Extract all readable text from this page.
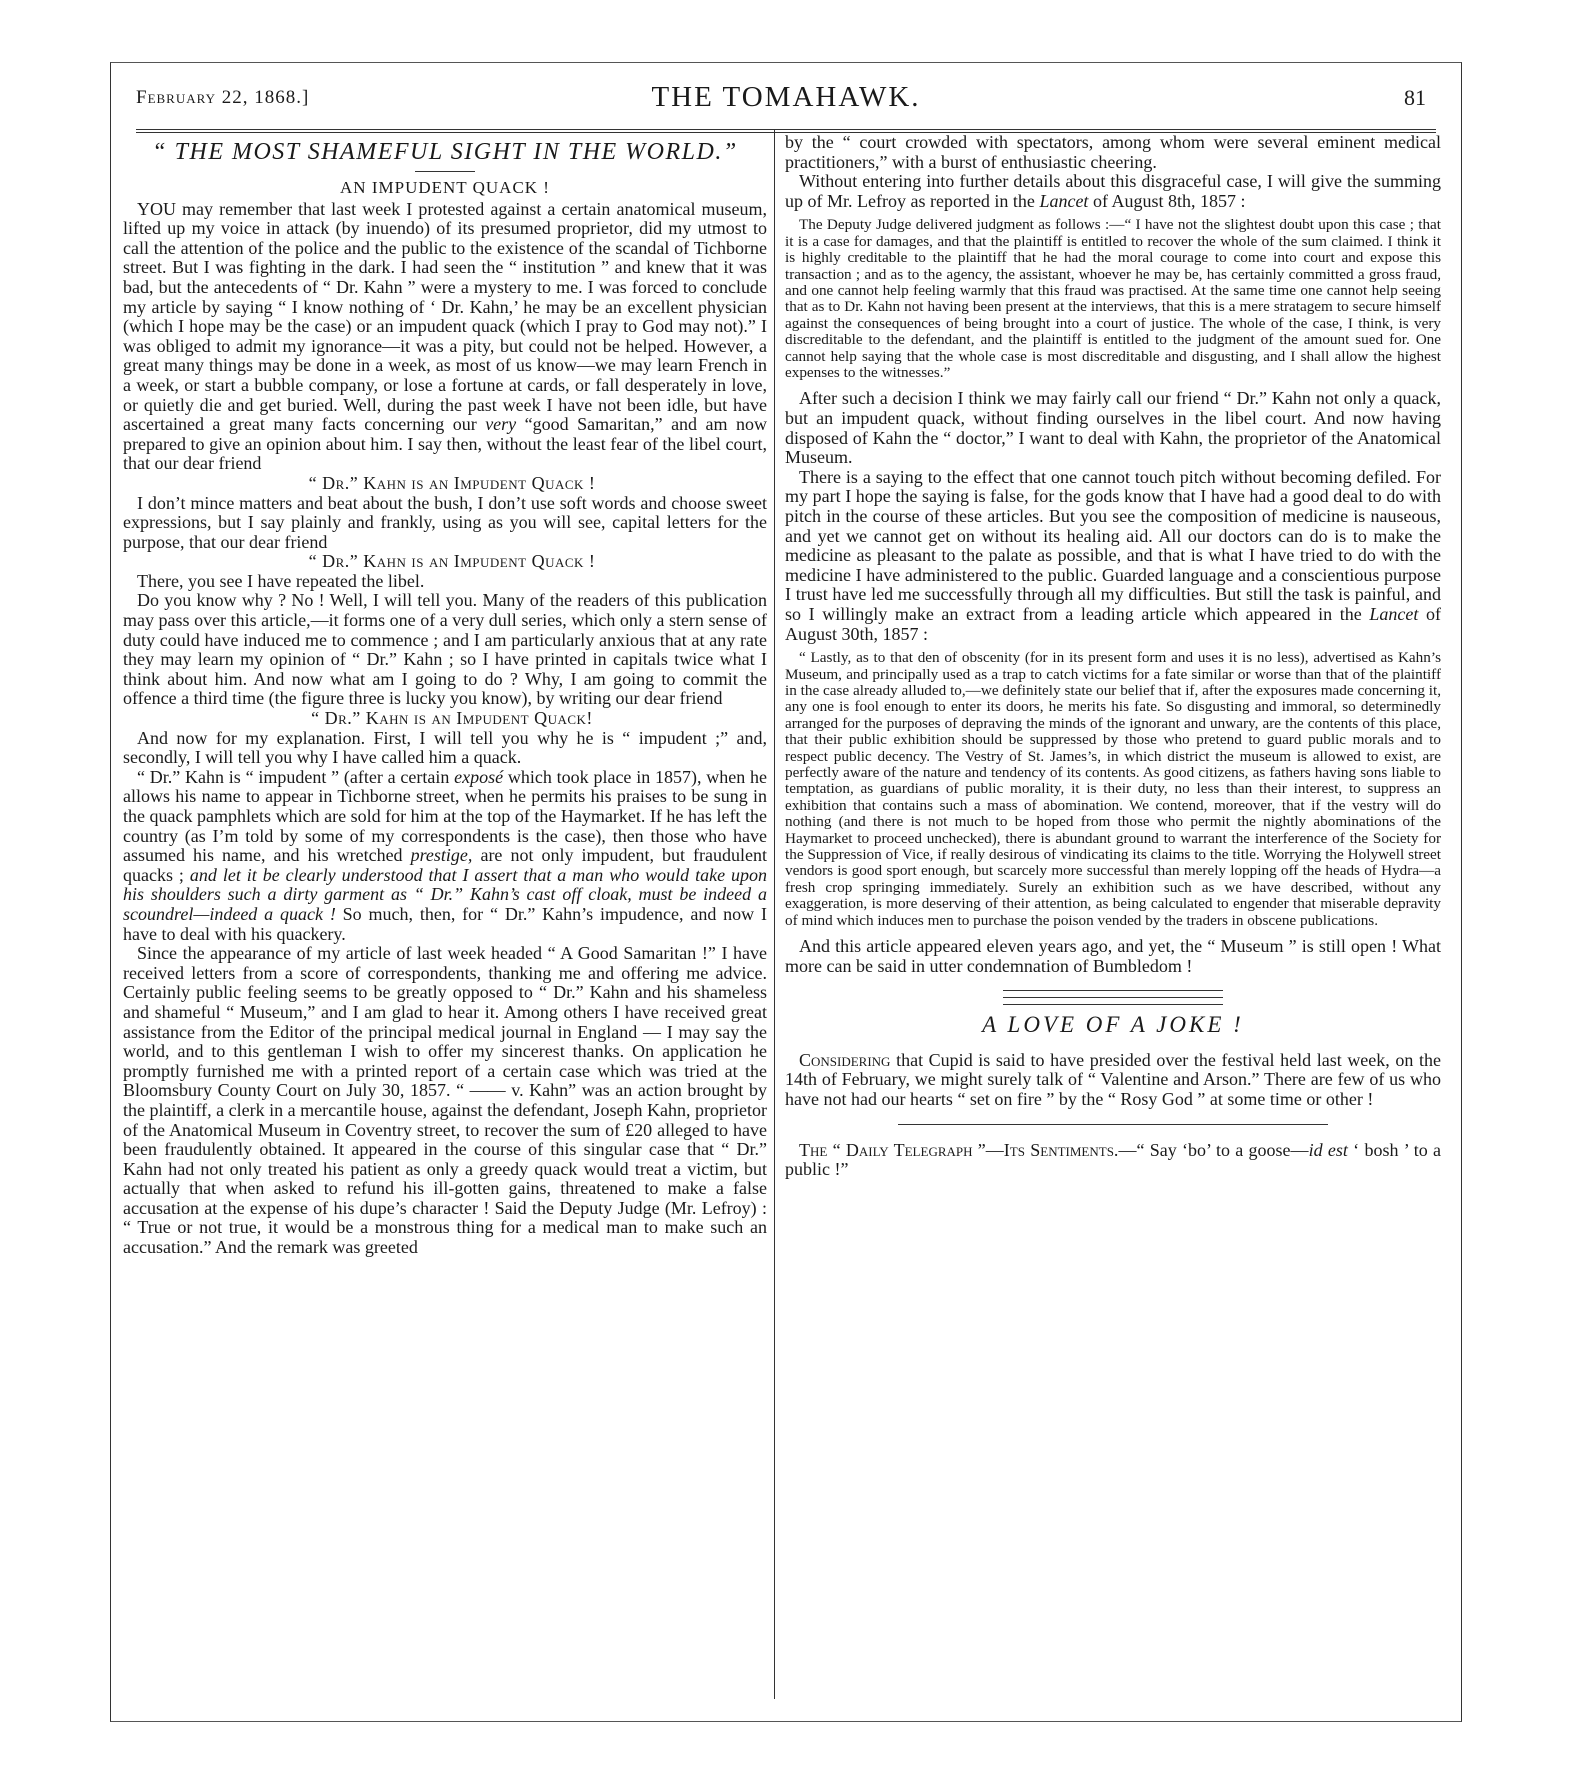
February 22, 1868.]	THE TOMAHAWK.	81
“ THE MOST SHAMEFUL SIGHT IN THE WORLD.”
AN IMPUDENT QUACK !

YOU may remember that last week I protested against a certain anatomical museum, lifted up my voice in attack (by inuendo) of its presumed proprietor, did my utmost to call the attention of the police and the public to the existence of the scandal of Tichborne street. But I was fighting in the dark. I had seen the “ institution ” and knew that it was bad, but the antecedents of “ Dr. Kahn ” were a mystery to me. I was forced to conclude my article by saying “ I know nothing of ‘ Dr. Kahn,’ he may be an excellent physician (which I hope may be the case) or an impudent quack (which I pray to God may not).” I was obliged to admit my ignorance—it was a pity, but could not be helped. However, a great many things may be done in a week, as most of us know—we may learn French in a week, or start a bubble company, or lose a fortune at cards, or fall desperately in love, or quietly die and get buried. Well, during the past week I have not been idle, but have ascertained a great many facts concerning our very “good Samaritan,” and am now prepared to give an opinion about him. I say then, without the least fear of the libel court, that our dear friend

“ Dr.” Kahn is an Impudent Quack !

I don’t mince matters and beat about the bush, I don’t use soft words and choose sweet expressions, but I say plainly and frankly, using as you will see, capital letters for the purpose, that our dear friend

“ Dr.” Kahn is an Impudent Quack !

There, you see I have repeated the libel.

Do you know why ? No ! Well, I will tell you. Many of the readers of this publication may pass over this article,—it forms one of a very dull series, which only a stern sense of duty could have induced me to commence ; and I am particularly anxious that at any rate they may learn my opinion of “ Dr.” Kahn ; so I have printed in capitals twice what I think about him. And now what am I going to do ? Why, I am going to commit the offence a third time (the figure three is lucky you know), by writing our dear friend

“ Dr.” Kahn is an Impudent Quack!

And now for my explanation. First, I will tell you why he is “ impudent ;” and, secondly, I will tell you why I have called him a quack.

“ Dr.” Kahn is “ impudent ” (after a certain exposé which took place in 1857), when he allows his name to appear in Tichborne street, when he permits his praises to be sung in the quack pamphlets which are sold for him at the top of the Haymarket. If he has left the country (as I’m told by some of my correspondents is the case), then those who have assumed his name, and his wretched prestige, are not only impudent, but fraudulent quacks ; and let it be clearly understood that I assert that a man who would take upon his shoulders such a dirty garment as “ Dr.” Kahn’s cast off cloak, must be indeed a scoundrel—indeed a quack ! So much, then, for “ Dr.” Kahn’s impudence, and now I have to deal with his quackery.

Since the appearance of my article of last week headed “ A Good Samaritan !” I have received letters from a score of correspondents, thanking me and offering me advice. Certainly public feeling seems to be greatly opposed to “ Dr.” Kahn and his shameless and shameful “ Museum,” and I am glad to hear it. Among others I have received great assistance from the Editor of the principal medical journal in England — I may say the world, and to this gentleman I wish to offer my sincerest thanks. On application he promptly furnished me with a printed report of a certain case which was tried at the Bloomsbury County Court on July 30, 1857. “ —— v. Kahn” was an action brought by the plaintiff, a clerk in a mercantile house, against the defendant, Joseph Kahn, proprietor of the Anatomical Museum in Coventry street, to recover the sum of £20 alleged to have been fraudulently obtained. It appeared in the course of this singular case that “ Dr.” Kahn had not only treated his patient as only a greedy quack would treat a victim, but actually that when asked to refund his ill-gotten gains, threatened to make a false accusation at the expense of his dupe’s character ! Said the Deputy Judge (Mr. Lefroy) : “ True or not true, it would be a monstrous thing for a medical man to make such an accusation.” And the remark was greeted

by the “ court crowded with spectators, among whom were several eminent medical practitioners,” with a burst of enthusiastic cheering.

Without entering into further details about this disgraceful case, I will give the summing up of Mr. Lefroy as reported in the Lancet of August 8th, 1857 :

The Deputy Judge delivered judgment as follows :—“ I have not the slightest doubt upon this case ; that it is a case for damages, and that the plaintiff is entitled to recover the whole of the sum claimed. I think it is highly creditable to the plaintiff that he had the moral courage to come into court and expose this transaction ; and as to the agency, the assistant, whoever he may be, has certainly committed a gross fraud, and one cannot help feeling warmly that this fraud was practised. At the same time one cannot help seeing that as to Dr. Kahn not having been present at the interviews, that this is a mere stratagem to secure himself against the consequences of being brought into a court of justice. The whole of the case, I think, is very discreditable to the defendant, and the plaintiff is entitled to the judgment of the amount sued for. One cannot help saying that the whole case is most discreditable and disgusting, and I shall allow the highest expenses to the witnesses.”

After such a decision I think we may fairly call our friend “ Dr.” Kahn not only a quack, but an impudent quack, without finding ourselves in the libel court. And now having disposed of Kahn the “ doctor,” I want to deal with Kahn, the proprietor of the Anatomical Museum.

There is a saying to the effect that one cannot touch pitch without becoming defiled. For my part I hope the saying is false, for the gods know that I have had a good deal to do with pitch in the course of these articles. But you see the composition of medicine is nauseous, and yet we cannot get on without its healing aid. All our doctors can do is to make the medicine as pleasant to the palate as possible, and that is what I have tried to do with the medicine I have administered to the public. Guarded language and a conscientious purpose I trust have led me successfully through all my difficulties. But still the task is painful, and so I willingly make an extract from a leading article which appeared in the Lancet of August 30th, 1857 :

“ Lastly, as to that den of obscenity (for in its present form and uses it is no less), advertised as Kahn’s Museum, and principally used as a trap to catch victims for a fate similar or worse than that of the plaintiff in the case already alluded to,—we definitely state our belief that if, after the exposures made concerning it, any one is fool enough to enter its doors, he merits his fate. So disgusting and immoral, so determinedly arranged for the purposes of depraving the minds of the ignorant and unwary, are the contents of this place, that their public exhibition should be suppressed by those who pretend to guard public morals and to respect public decency. The Vestry of St. James’s, in which district the museum is allowed to exist, are perfectly aware of the nature and tendency of its contents. As good citizens, as fathers having sons liable to temptation, as guardians of public morality, it is their duty, no less than their interest, to suppress an exhibition that contains such a mass of abomination. We contend, moreover, that if the vestry will do nothing (and there is not much to be hoped from those who permit the nightly abominations of the Haymarket to proceed unchecked), there is abundant ground to warrant the interference of the Society for the Suppression of Vice, if really desirous of vindicating its claims to the title. Worrying the Holywell street vendors is good sport enough, but scarcely more successful than merely lopping off the heads of Hydra—a fresh crop springing immediately. Surely an exhibition such as we have described, without any exaggeration, is more deserving of their attention, as being calculated to engender that miserable depravity of mind which induces men to purchase the poison vended by the traders in obscene publications.

And this article appeared eleven years ago, and yet, the “ Museum ” is still open ! What more can be said in utter condemnation of Bumbledom !

A LOVE OF A JOKE !

Considering that Cupid is said to have presided over the festival held last week, on the 14th of February, we might surely talk of “ Valentine and Arson.” There are few of us who have not had our hearts “ set on fire ” by the “ Rosy God ” at some time or other !

The “ Daily Telegraph ”—Its Sentiments.—“ Say ‘bo’ to a goose—id est ‘ bosh ’ to a public !”
